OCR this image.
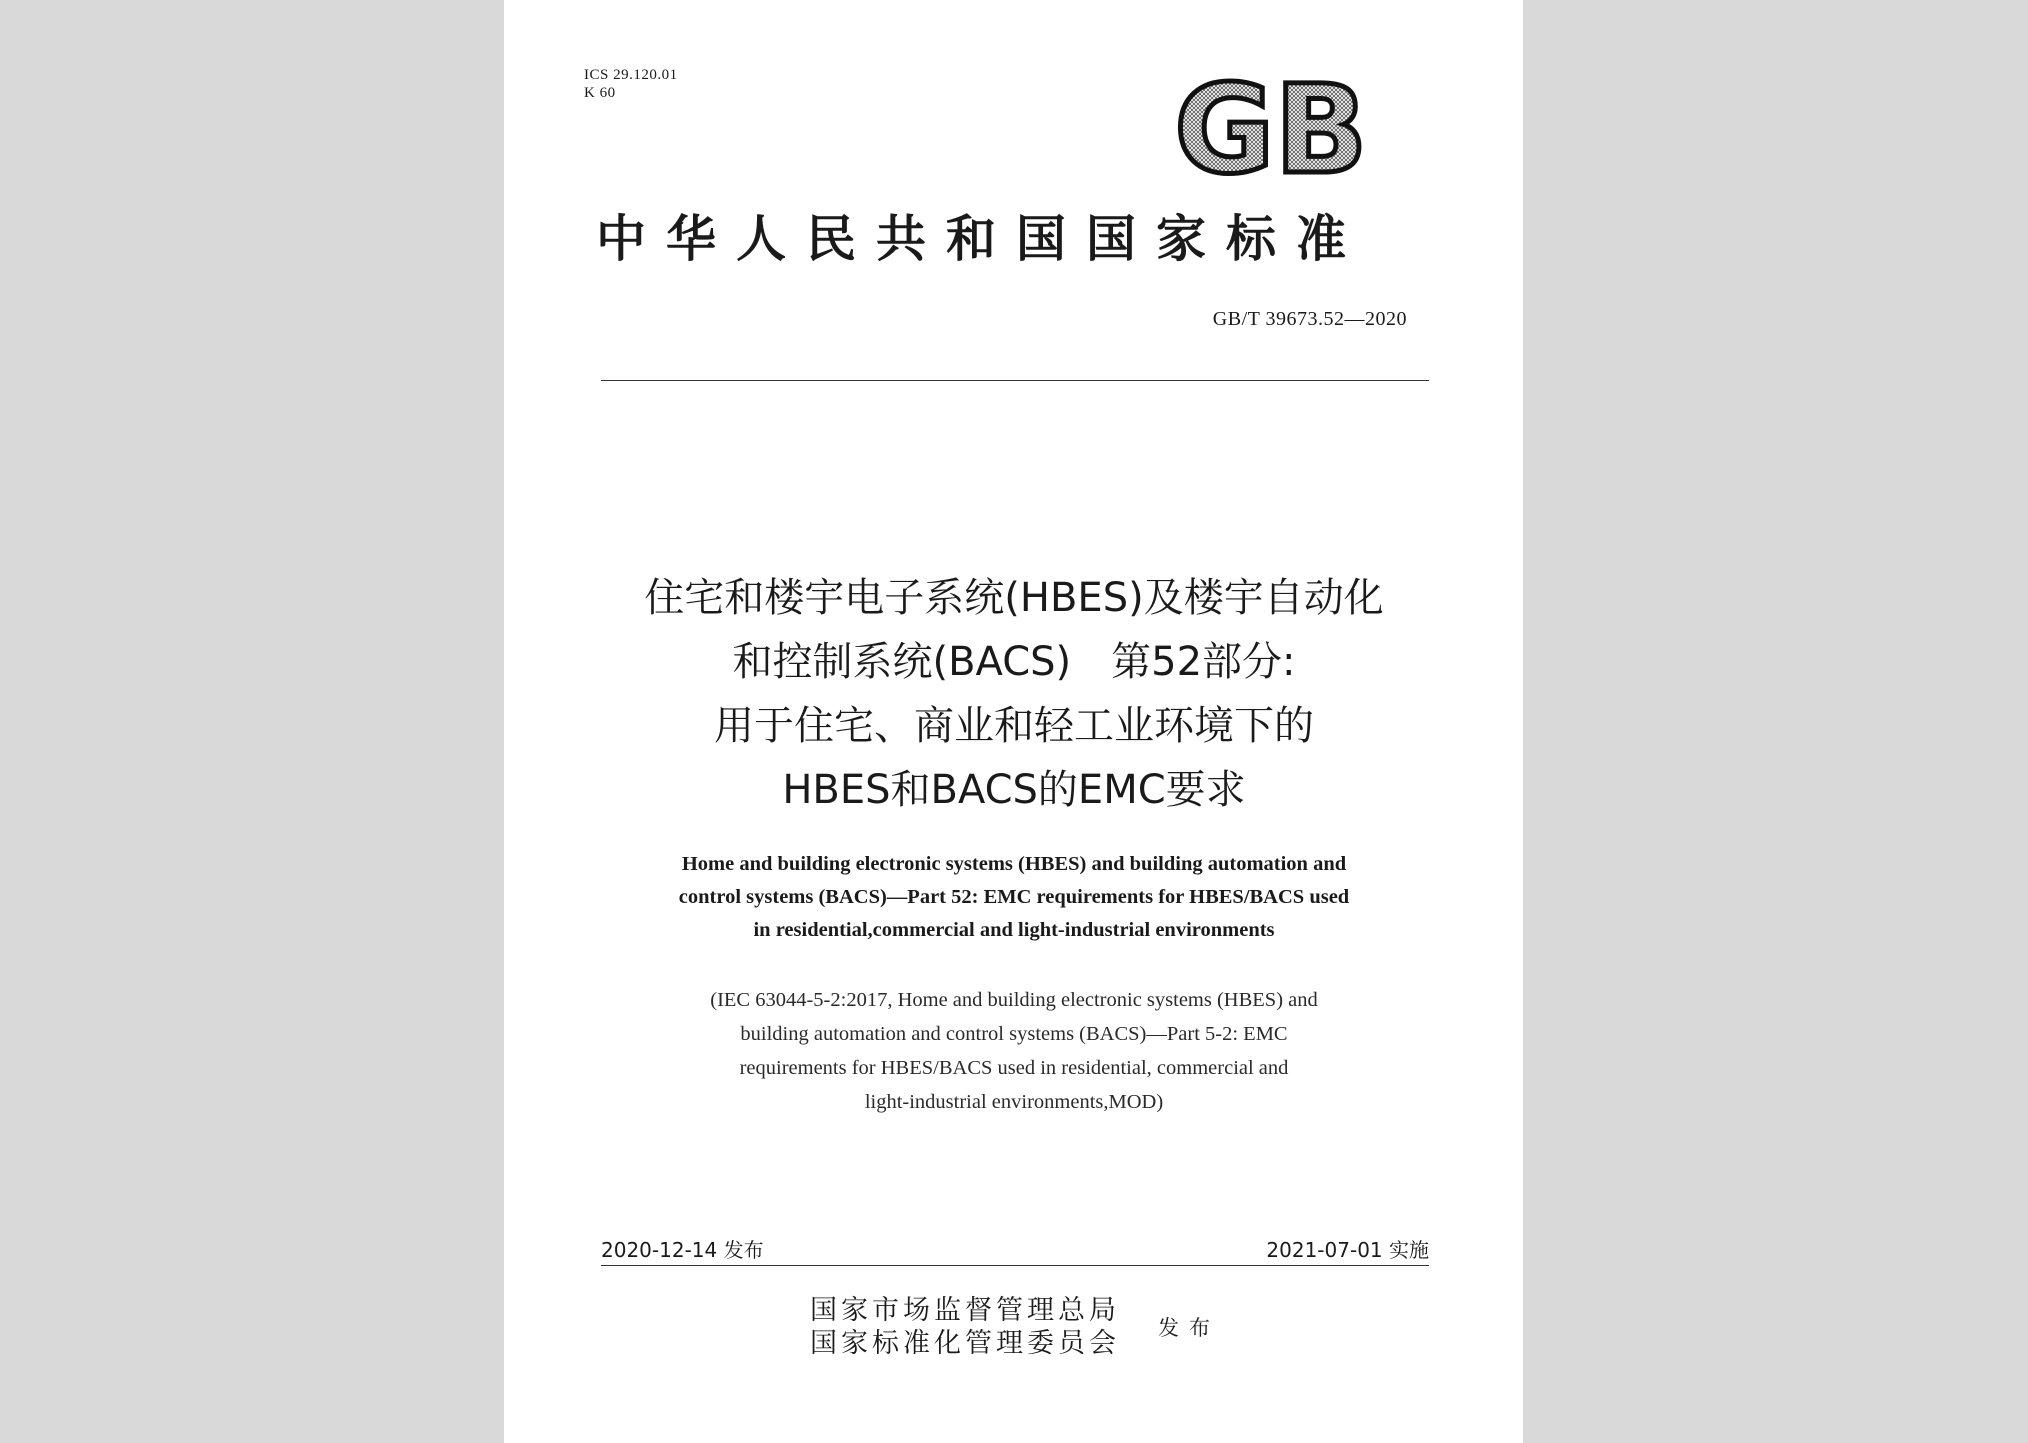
ICS 29.120.01
K 60	GB
中华人民共和国国家标准
GB/T 39673.52—2020
住宅和楼宇电子系统(HBES)及楼宇自动化
和控制系统(BACS)　第52部分:
用于住宅、商业和轻工业环境下的
HBES和BACS的EMC要求
Home and building electronic systems (HBES) and building automation and
control systems (BACS)—Part 52: EMC requirements for HBES/BACS used
in residential,commercial and light-industrial environments
(IEC 63044-5-2:2017, Home and building electronic systems (HBES) and
building automation and control systems (BACS)—Part 5-2: EMC
requirements for HBES/BACS used in residential, commercial and
light-industrial environments,MOD)
2020-12-14 发布	2021-07-01 实施
国家市场监督管理总局
国家标准化管理委员会 发布
